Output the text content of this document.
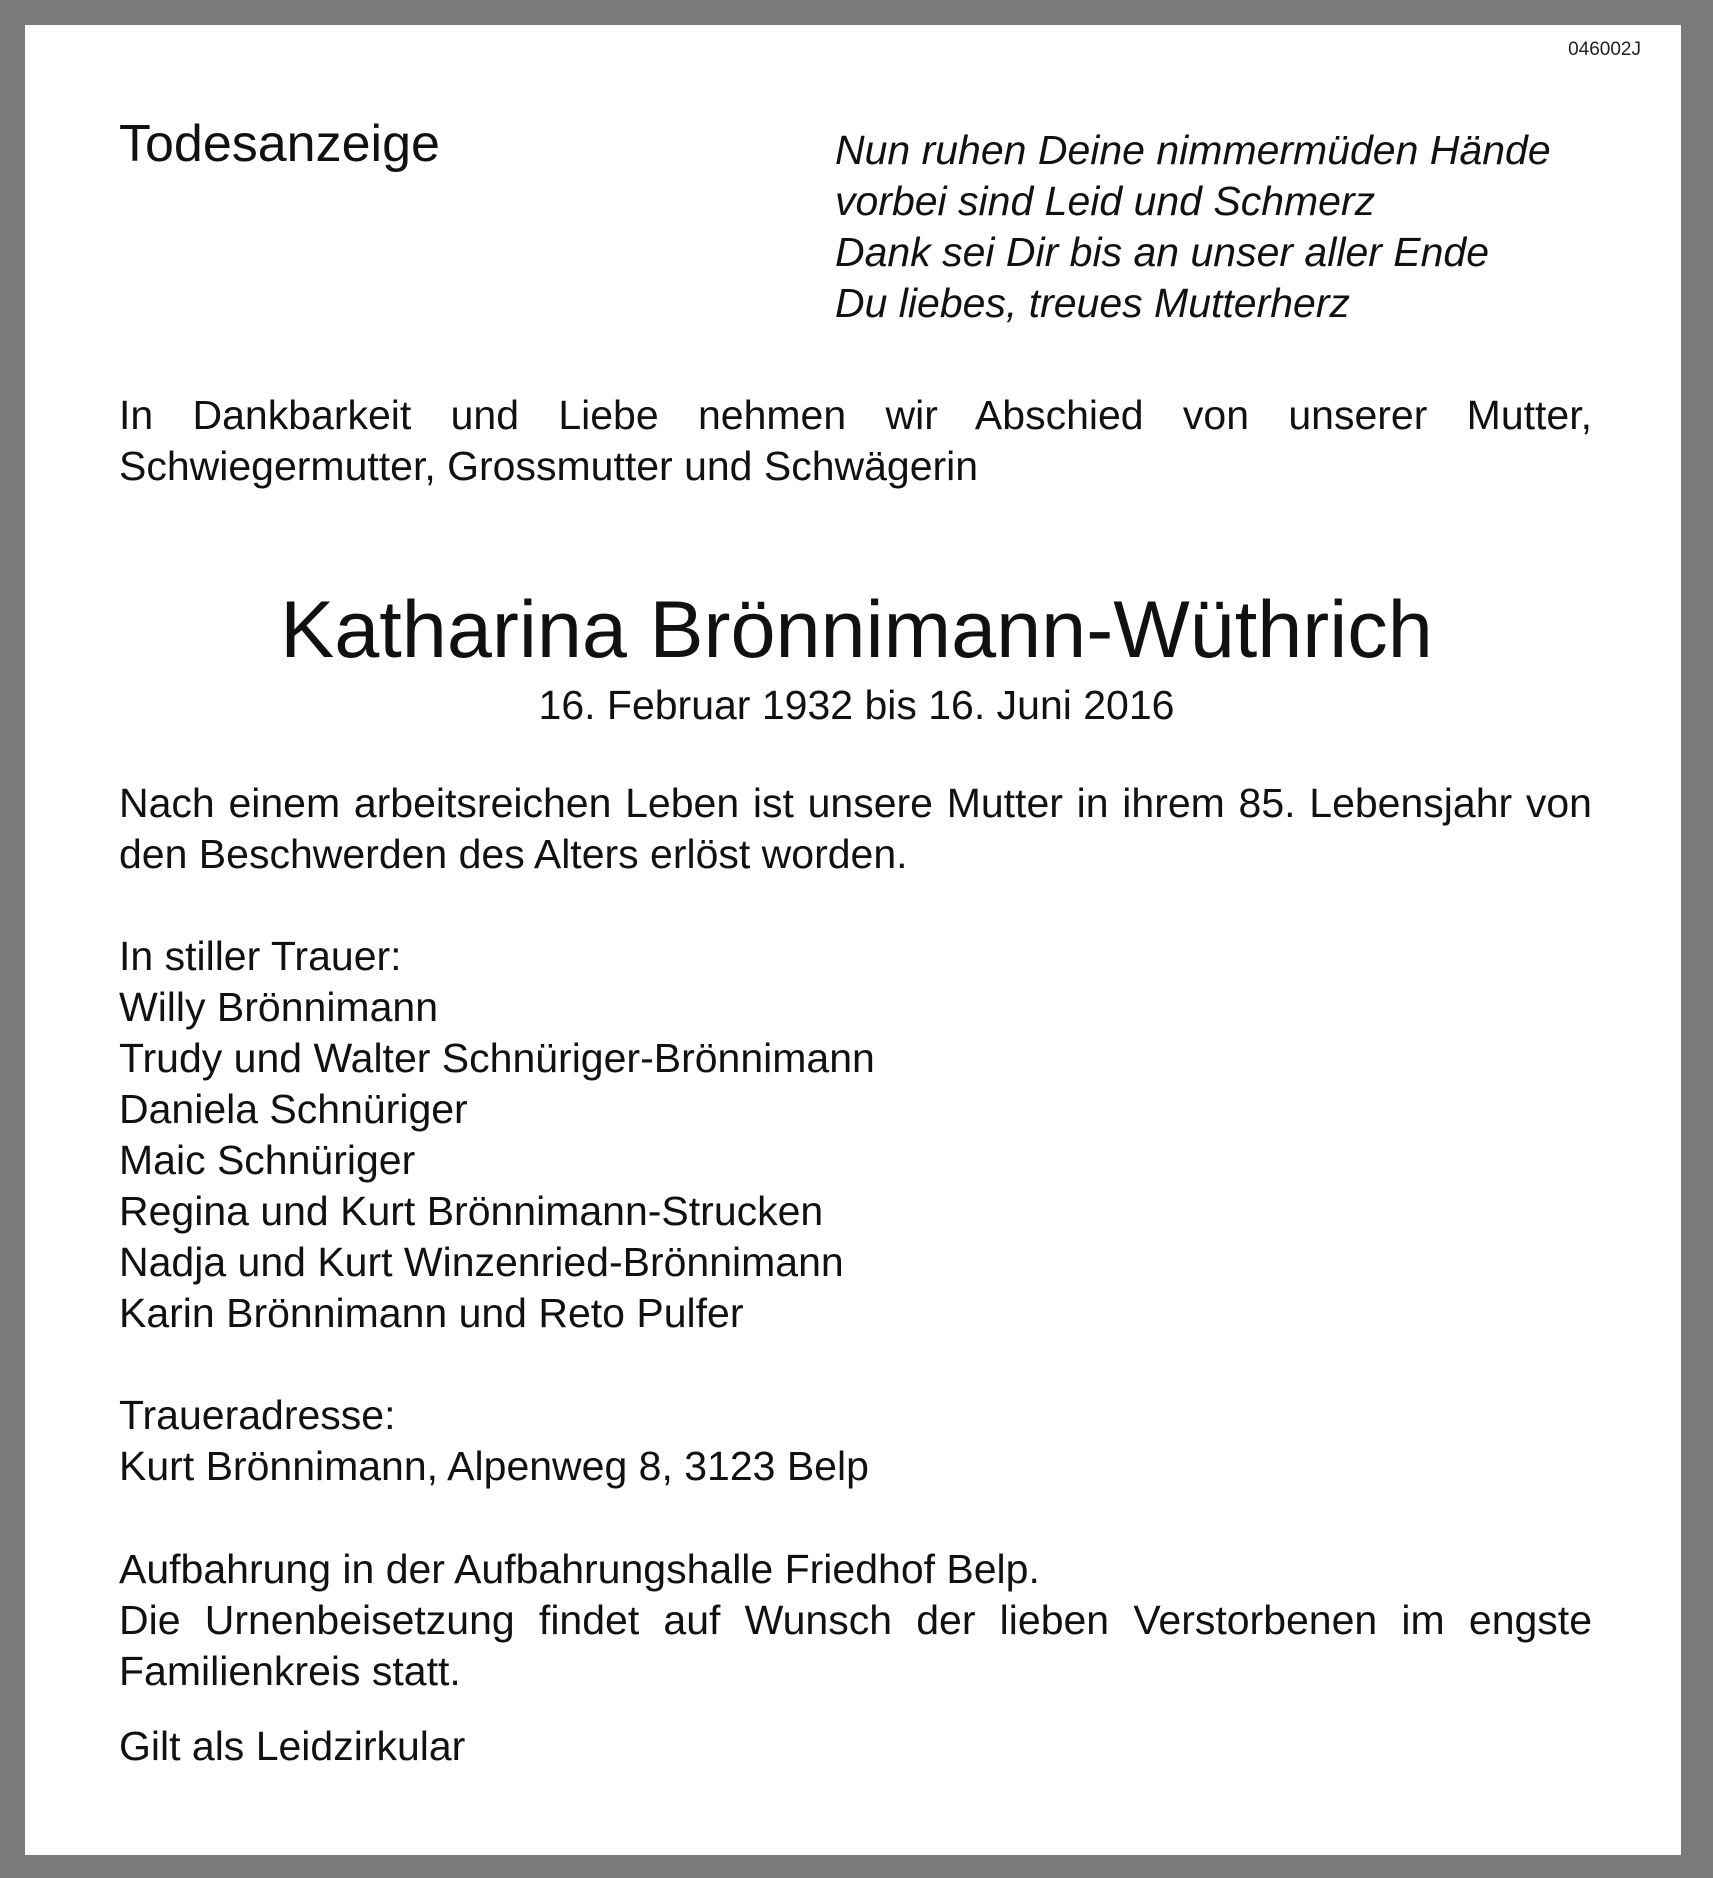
046002J
Todesanzeige	Nun ruhen Deine nimmermüden Hände
vorbei sind Leid und Schmerz
Dank sei Dir bis an unser aller Ende
Du liebes, treues Mutterherz

In Dankbarkeit und Liebe nehmen wir Abschied von unserer Mutter, Schwiegermutter, Grossmutter und Schwägerin

Katharina Brönnimann-Wüthrich
16. Februar 1932 bis 16. Juni 2016

Nach einem arbeitsreichen Leben ist unsere Mutter in ihrem 85. Lebensjahr von den Beschwerden des Alters erlöst worden.

In stiller Trauer:
Willy Brönnimann
Trudy und Walter Schnüriger-Brönnimann
Daniela Schnüriger
Maic Schnüriger
Regina und Kurt Brönnimann-Strucken
Nadja und Kurt Winzenried-Brönnimann
Karin Brönnimann und Reto Pulfer
Traueradresse:
Kurt Brönnimann, Alpenweg 8, 3123 Belp
Aufbahrung in der Aufbahrungshalle Friedhof Belp.
Die Urnenbeisetzung findet auf Wunsch der lieben Verstorbenen im engste Familienkreis statt.
Gilt als Leidzirkular
